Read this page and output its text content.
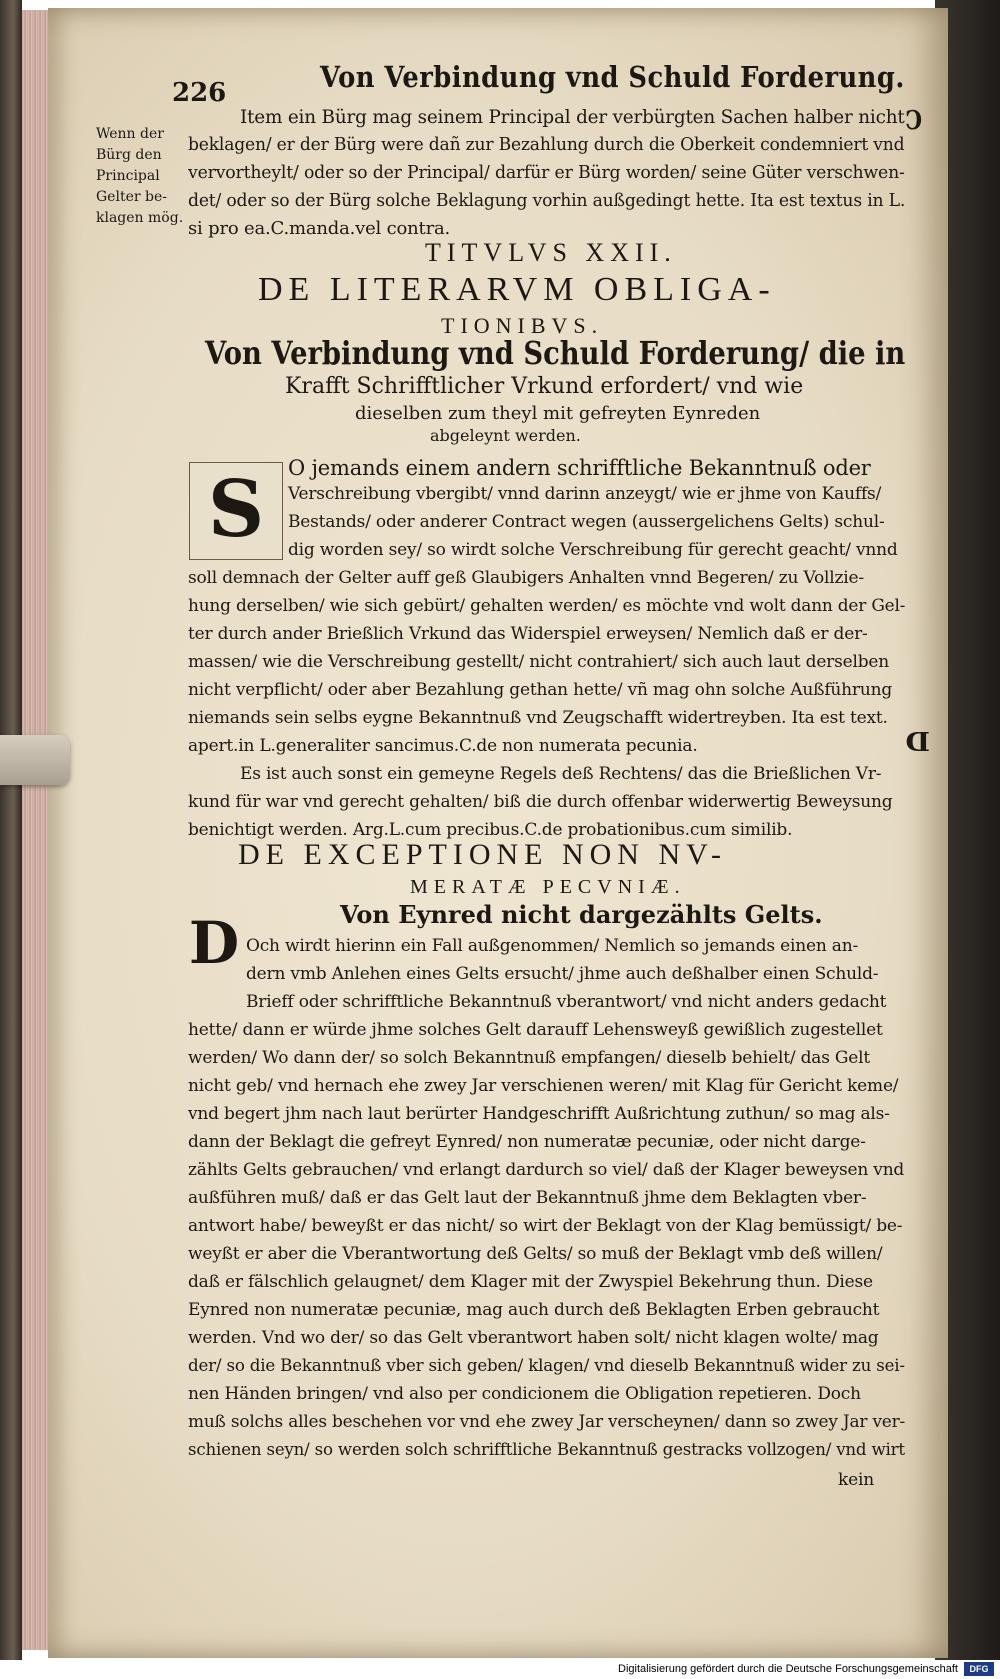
226	Von Verbindung vnd Schuld Forderung.
C
D
Wenn der
Bürg den
Principal
Gelter be-
klagen mög.
Item ein Bürg mag seinem Principal der verbürgten Sachen halber nicht
beklagen/ er der Bürg were dañ zur Bezahlung durch die Oberkeit condemniert vnd
vervortheylt/ oder so der Principal/ darfür er Bürg worden/ seine Güter verschwen-
det/ oder so der Bürg solche Beklagung vorhin außgedingt hette. Ita est textus in L.
si pro ea.C.manda.vel contra.
TITVLVS XXII.
DE LITERARVM OBLIGA-
TIONIBVS.
Von Verbindung vnd Schuld Forderung/ die in
Krafft Schrifftlicher Vrkund erfordert/ vnd wie
dieselben zum theyl mit gefreyten Eynreden
abgeleynt werden.
S	O jemands einem andern schrifftliche Bekanntnuß oder
Verschreibung vbergibt/ vnnd darinn anzeygt/ wie er jhme von Kauffs/
Bestands/ oder anderer Contract wegen (aussergelichens Gelts) schul-
dig worden sey/ so wirdt solche Verschreibung für gerecht geacht/ vnnd
soll demnach der Gelter auff geß Glaubigers Anhalten vnnd Begeren/ zu Vollzie-
hung derselben/ wie sich gebürt/ gehalten werden/ es möchte vnd wolt dann der Gel-
ter durch ander Brießlich Vrkund das Widerspiel erweysen/ Nemlich daß er der-
massen/ wie die Verschreibung gestellt/ nicht contrahiert/ sich auch laut derselben
nicht verpflicht/ oder aber Bezahlung gethan hette/ vñ mag ohn solche Außführung
niemands sein selbs eygne Bekanntnuß vnd Zeugschafft widertreyben. Ita est text.
apert.in L.generaliter sancimus.C.de non numerata pecunia.
Es ist auch sonst ein gemeyne Regels deß Rechtens/ das die Brießlichen Vr-
kund für war vnd gerecht gehalten/ biß die durch offenbar widerwertig Beweysung
benichtigt werden. Arg.L.cum precibus.C.de probationibus.cum similib.
DE EXCEPTIONE NON NV-
MERATÆ PECVNIÆ.
Von Eynred nicht dargezählts Gelts.
D Och wirdt hierinn ein Fall außgenommen/ Nemlich so jemands einen an-
dern vmb Anlehen eines Gelts ersucht/ jhme auch deßhalber einen Schuld-
Brieff oder schrifftliche Bekanntnuß vberantwort/ vnd nicht anders gedacht
hette/ dann er würde jhme solches Gelt darauff Lehensweyß gewißlich zugestellet
werden/ Wo dann der/ so solch Bekanntnuß empfangen/ dieselb behielt/ das Gelt
nicht geb/ vnd hernach ehe zwey Jar verschienen weren/ mit Klag für Gericht keme/
vnd begert jhm nach laut berürter Handgeschrifft Außrichtung zuthun/ so mag als-
dann der Beklagt die gefreyt Eynred/ non numeratæ pecuniæ, oder nicht darge-
zählts Gelts gebrauchen/ vnd erlangt dardurch so viel/ daß der Klager beweysen vnd
außführen muß/ daß er das Gelt laut der Bekanntnuß jhme dem Beklagten vber-
antwort habe/ beweyßt er das nicht/ so wirt der Beklagt von der Klag bemüssigt/ be-
weyßt er aber die Vberantwortung deß Gelts/ so muß der Beklagt vmb deß willen/
daß er fälschlich gelaugnet/ dem Klager mit der Zwyspiel Bekehrung thun. Diese
Eynred non numeratæ pecuniæ, mag auch durch deß Beklagten Erben gebraucht
werden. Vnd wo der/ so das Gelt vberantwort haben solt/ nicht klagen wolte/ mag
der/ so die Bekanntnuß vber sich geben/ klagen/ vnd dieselb Bekanntnuß wider zu sei-
nen Händen bringen/ vnd also per condicionem die Obligation repetieren. Doch
muß solchs alles beschehen vor vnd ehe zwey Jar verscheynen/ dann so zwey Jar ver-
schienen seyn/ so werden solch schrifftliche Bekanntnuß gestracks vollzogen/ vnd wirt
kein
Digitalisierung gefördert durch die Deutsche Forschungsgemeinschaft	DFG
